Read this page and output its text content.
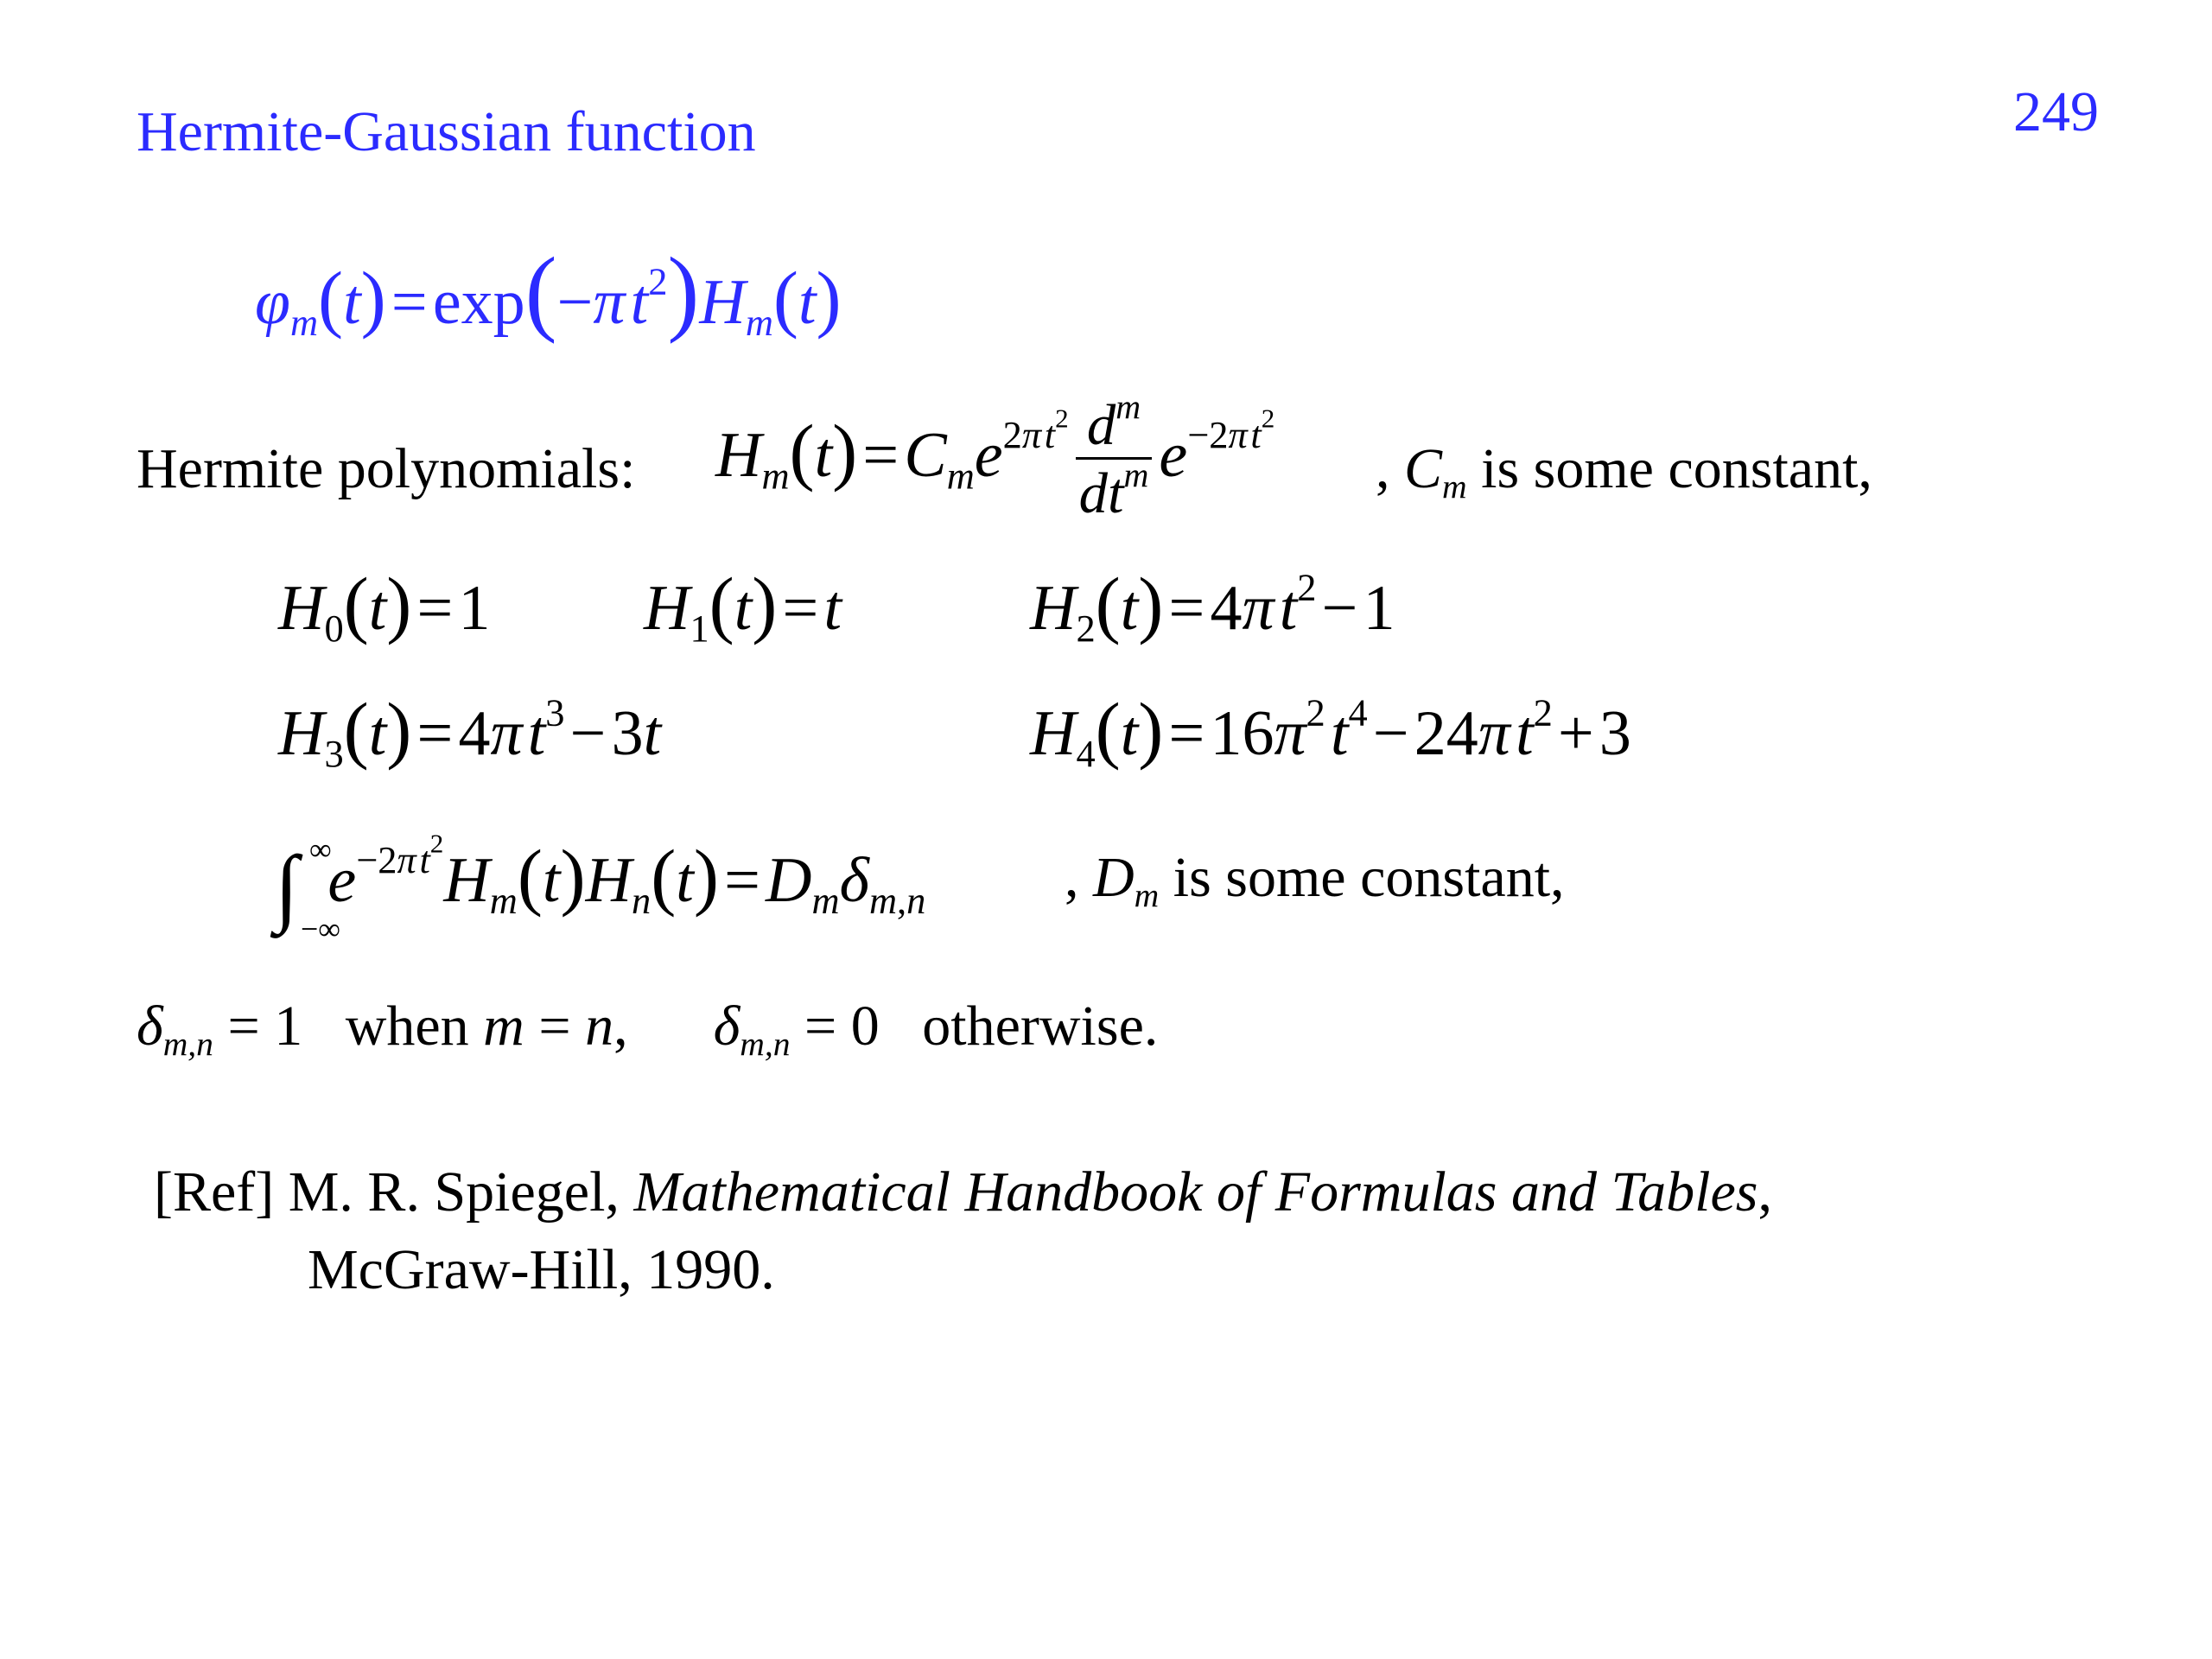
Hermite-Gaussian function	249
$\varphi_m(t)$ = exp(−π $t^2)H_m(t)$
Hermite polynomials: $H_m(t)$ = $C_me^{2\pi t^2} \frac{d^m}{dt^m} e^{-2\pi t^2}$
, $C_m$ is some constant,
$H_0(t)$ = 1 $H_1(t)$ = t	$H_2(t)$ = 4π $t^2$ − 1
$H_3(t)$ = 4π $t^3$ − 3t	$H_4(t)$ = $16\pi^2$ $t^4$ − 24π $t^2$ + 3
∫ ∞
−∞
$e^{-2\pi t^2}H_m(t)H_n(t)$ = $D_m\delta_{m,n}$ , $D_m$ is some constant,
$\delta_{m,n} = 1$   when m = n,      $\delta_{m,n} = 0$   otherwise.
[Ref] M. R. Spiegel, Mathematical Handbook of Formulas and Tables,
McGraw-Hill, 1990.
